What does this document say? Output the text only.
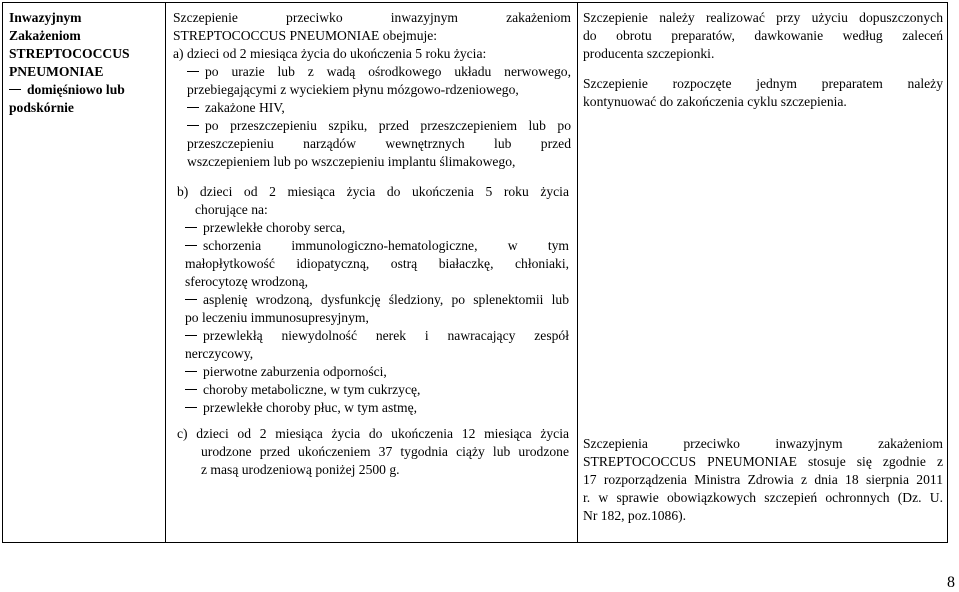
Inwazyjnym
Zakażeniom
STREPTOCOCCUS
PNEUMONIAE
domięśniowo lub
podskórnie
Szczepienie przeciwko inwazyjnym zakażeniom
STREPTOCOCCUS PNEUMONIAE obejmuje:
a) dzieci od 2 miesiąca życia do ukończenia 5 roku życia:
po urazie lub z wadą ośrodkowego układu nerwowego,
przebiegającymi z wyciekiem płynu mózgowo-rdzeniowego,
zakażone HIV,
po przeszczepieniu szpiku, przed przeszczepieniem lub po
przeszczepieniu narządów wewnętrznych lub przed
wszczepieniem lub po wszczepieniu implantu ślimakowego,
b) dzieci od 2 miesiąca życia do ukończenia 5 roku życia
chorujące na:
przewlekłe choroby serca,
schorzenia immunologiczno-hematologiczne, w tym
małopłytkowość idiopatyczną, ostrą białaczkę, chłoniaki,
sferocytozę wrodzoną,
asplenię wrodzoną, dysfunkcję śledziony, po splenektomii lub
po leczeniu immunosupresyjnym,
przewlekłą niewydolność nerek i nawracający zespół
nerczycowy,
pierwotne zaburzenia odporności,
choroby metaboliczne, w tym cukrzycę,
przewlekłe choroby płuc, w tym astmę,
c) dzieci od 2 miesiąca życia do ukończenia 12 miesiąca życia
urodzone przed ukończeniem 37 tygodnia ciąży lub urodzone
z masą urodzeniową poniżej 2500 g.
Szczepienie należy realizować przy użyciu dopuszczonych
do obrotu preparatów, dawkowanie według zaleceń
producenta szczepionki.
Szczepienie rozpoczęte jednym preparatem należy
kontynuować do zakończenia cyklu szczepienia.
Szczepienia przeciwko inwazyjnym zakażeniom
STREPTOCOCCUS PNEUMONIAE stosuje się zgodnie z
17 rozporządzenia Ministra Zdrowia z dnia 18 sierpnia 2011
r. w sprawie obowiązkowych szczepień ochronnych (Dz. U.
Nr 182, poz.1086).
8
